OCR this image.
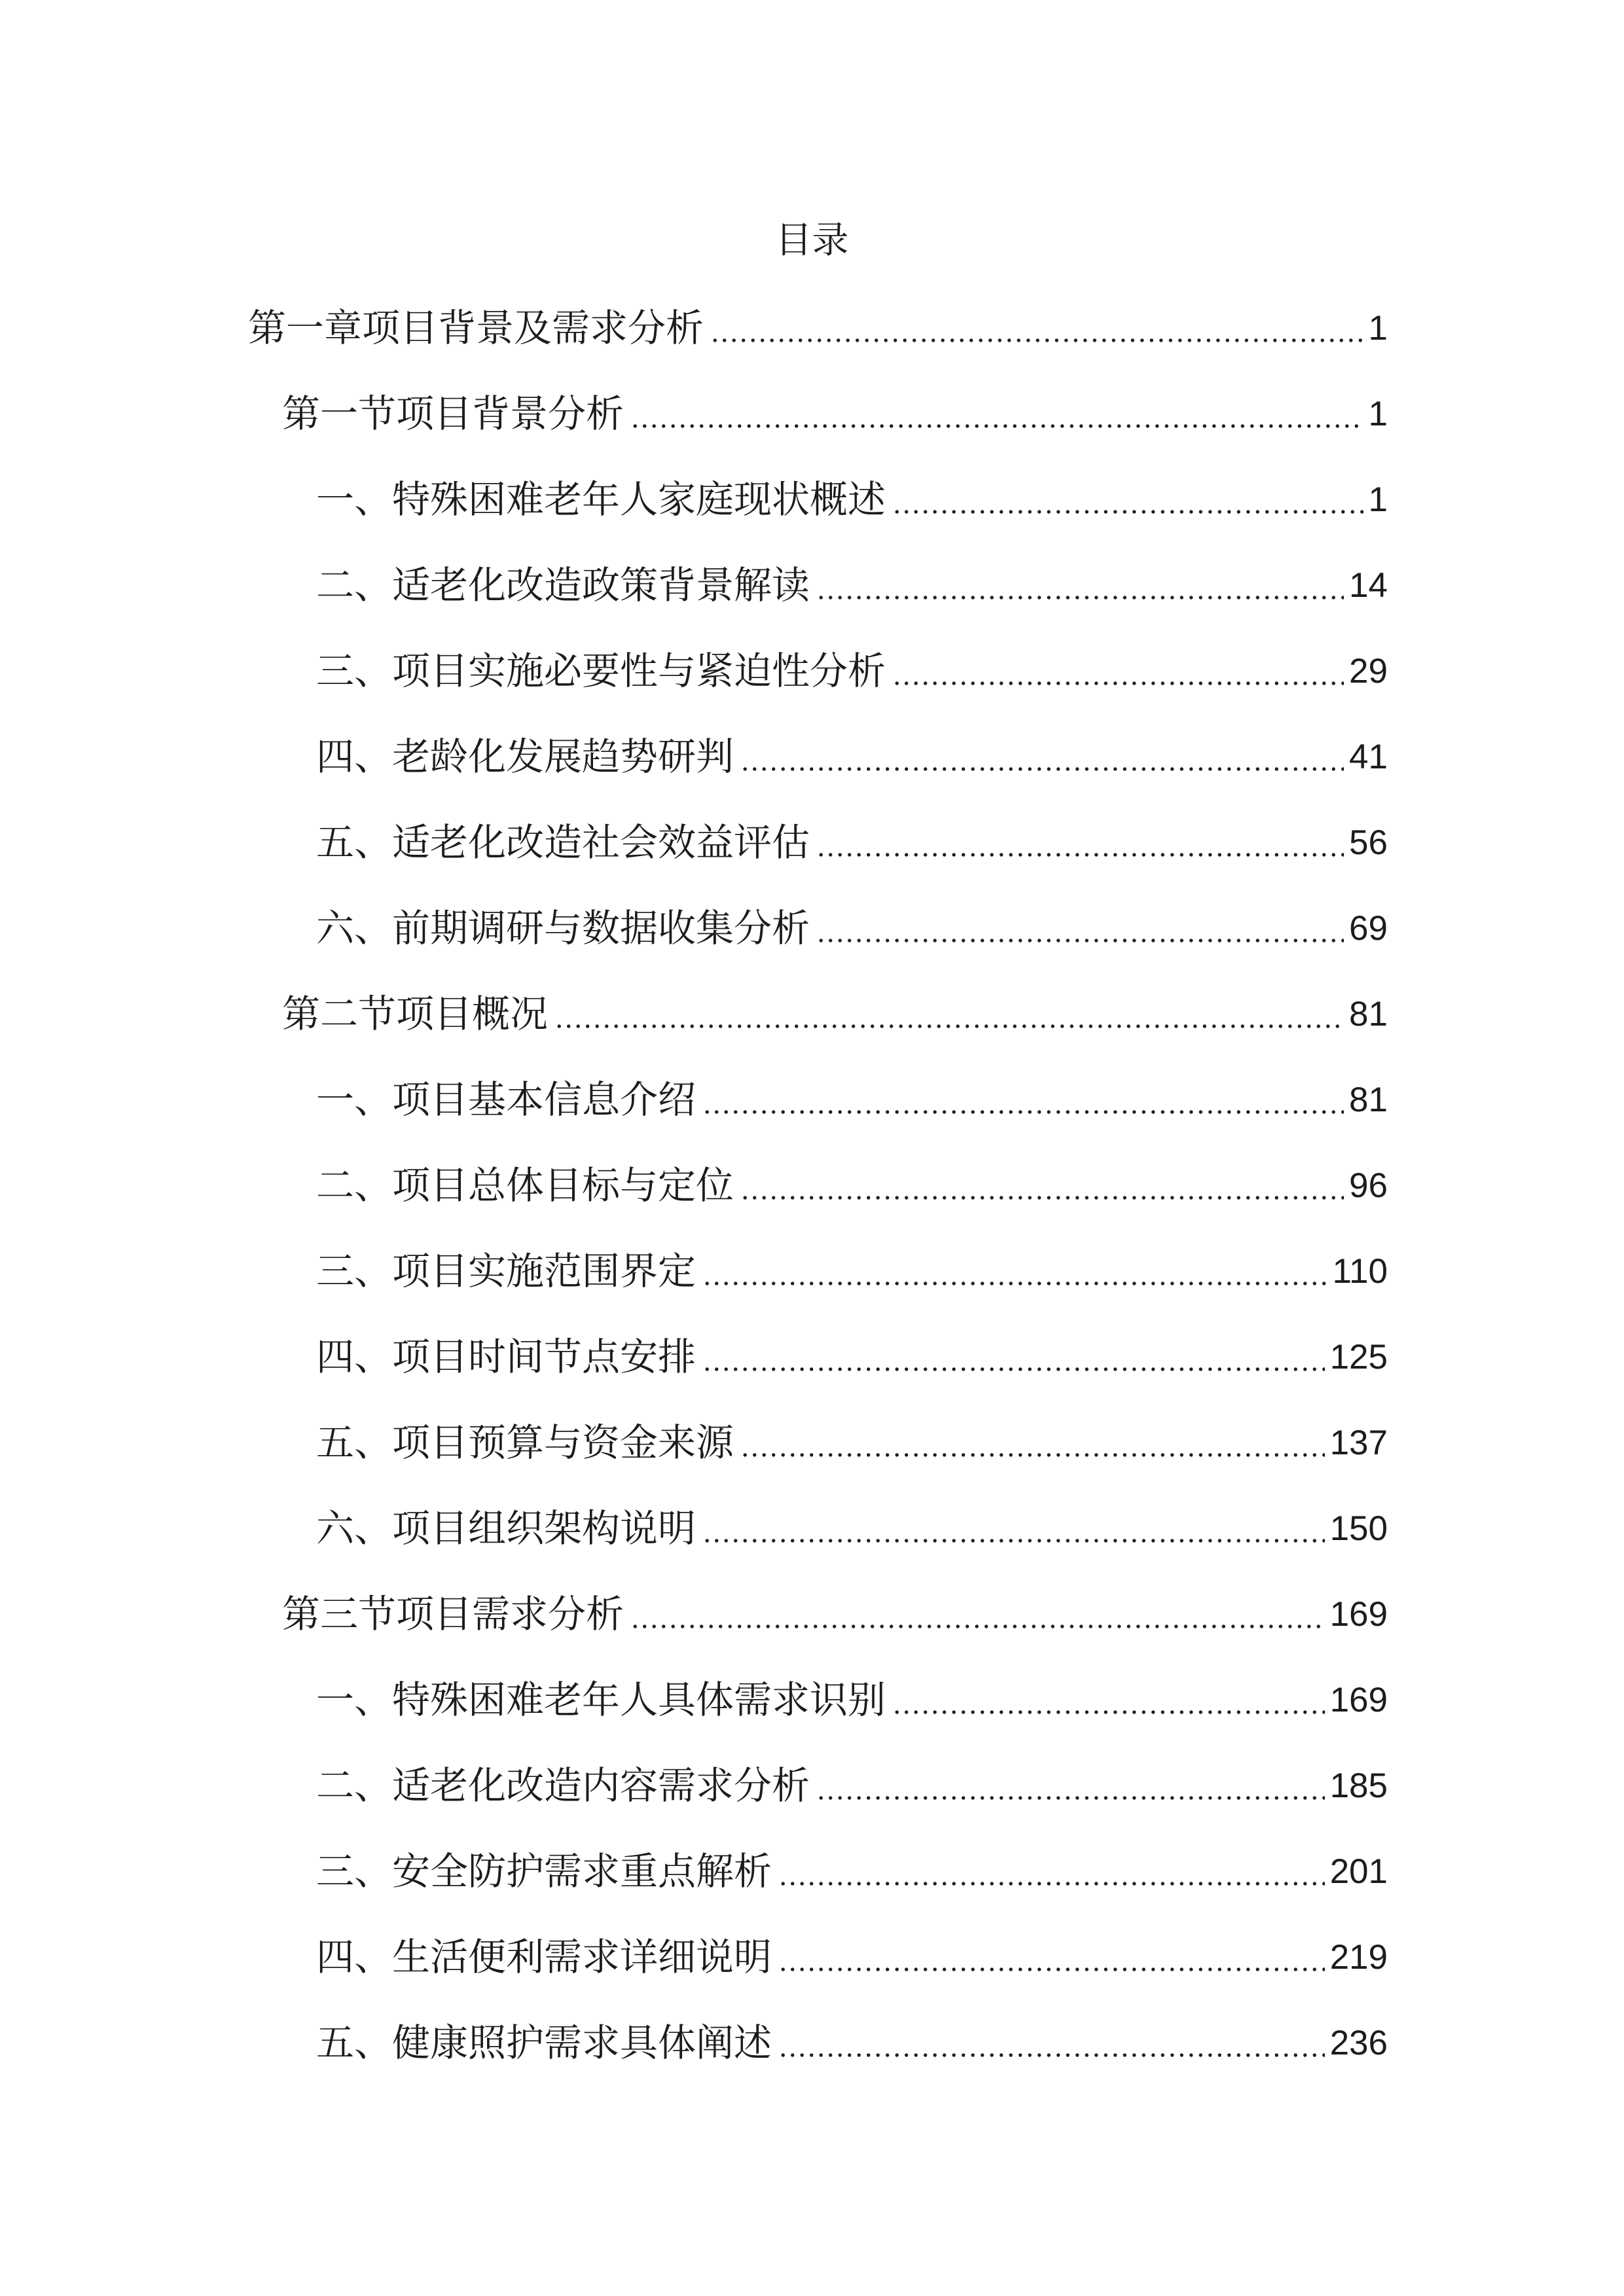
目录
第一章项目背景及需求分析	1
第一节项目背景分析	1
一、特殊困难老年人家庭现状概述	1
二、适老化改造政策背景解读	14
三、项目实施必要性与紧迫性分析	29
四、老龄化发展趋势研判	41
五、适老化改造社会效益评估	56
六、前期调研与数据收集分析	69
第二节项目概况	81
一、项目基本信息介绍	81
二、项目总体目标与定位	96
三、项目实施范围界定	110
四、项目时间节点安排	125
五、项目预算与资金来源	137
六、项目组织架构说明	150
第三节项目需求分析	169
一、特殊困难老年人具体需求识别	169
二、适老化改造内容需求分析	185
三、安全防护需求重点解析	201
四、生活便利需求详细说明	219
五、健康照护需求具体阐述	236
